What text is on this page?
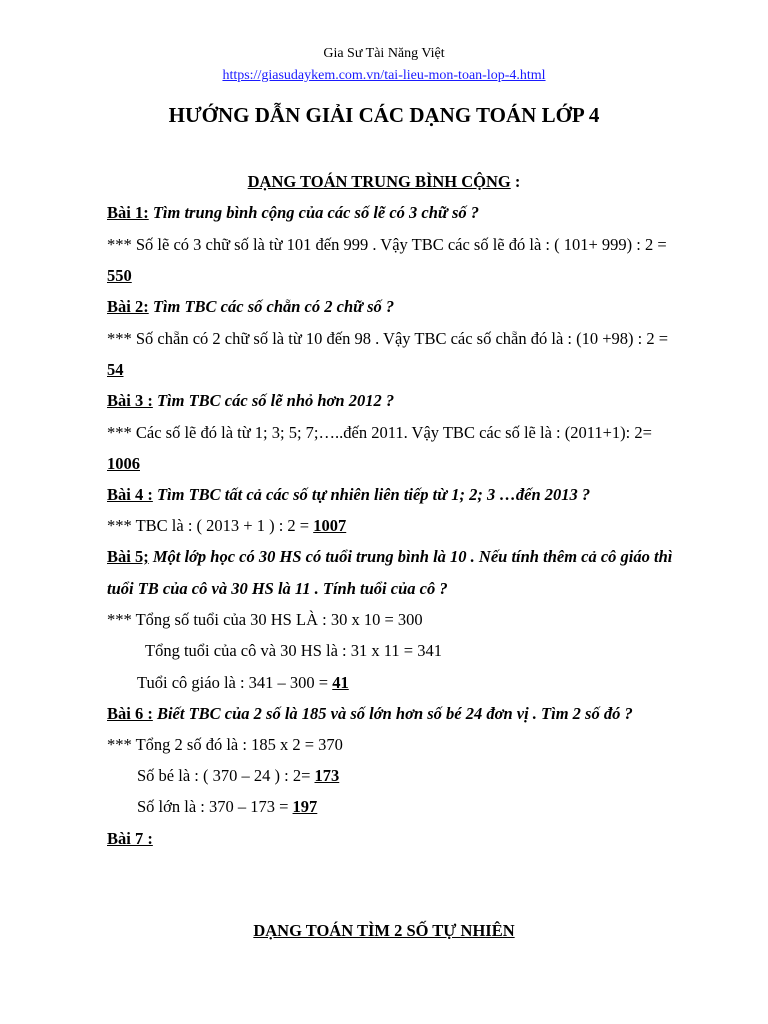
Gia Sư Tài Năng Việt
https://giasudaykem.com.vn/tai-lieu-mon-toan-lop-4.html
HƯỚNG DẪN GIẢI CÁC DẠNG TOÁN LỚP 4
DẠNG TOÁN TRUNG BÌNH CỘNG :
Bài 1: Tìm trung bình cộng của các số lẽ có 3 chữ số ?
*** Số lẽ có 3 chữ số là từ 101 đến 999 . Vậy TBC các số lẽ đó là : ( 101+ 999) : 2 =
550
Bài 2: Tìm TBC các số chẵn có 2 chữ số ?
*** Số chẵn có 2 chữ số là từ 10 đến 98 . Vậy TBC các số chẵn đó là : (10 +98) : 2 =
54
Bài 3 : Tìm TBC các số lẽ nhỏ hơn 2012 ?
*** Các số lẽ đó là từ 1; 3; 5; 7;…..đến 2011. Vậy TBC các số lẽ là : (2011+1): 2=
1006
Bài 4 : Tìm TBC tất cả các số tự nhiên liên tiếp từ 1; 2; 3 …đến 2013 ?
*** TBC là : ( 2013 + 1 ) : 2 = 1007
Bài 5; Một lớp học có 30 HS có tuổi trung bình là 10 . Nếu tính thêm cả cô giáo thì
tuổi TB của cô và 30 HS là 11 . Tính tuổi của cô ?
*** Tổng số tuổi của 30 HS LÀ : 30 x 10 = 300
Tổng tuổi của cô và 30 HS là : 31 x 11 = 341
Tuổi cô giáo là : 341 – 300 = 41
Bài 6 : Biết TBC của 2 số là 185 và số lớn hơn số bé 24 đơn vị . Tìm 2 số đó ?
*** Tổng 2 số đó là : 185 x 2 = 370
Số bé là : ( 370 – 24 ) : 2= 173
Số lớn là : 370 – 173 = 197
Bài 7 :
DẠNG TOÁN TÌM 2 SỐ TỰ NHIÊN
